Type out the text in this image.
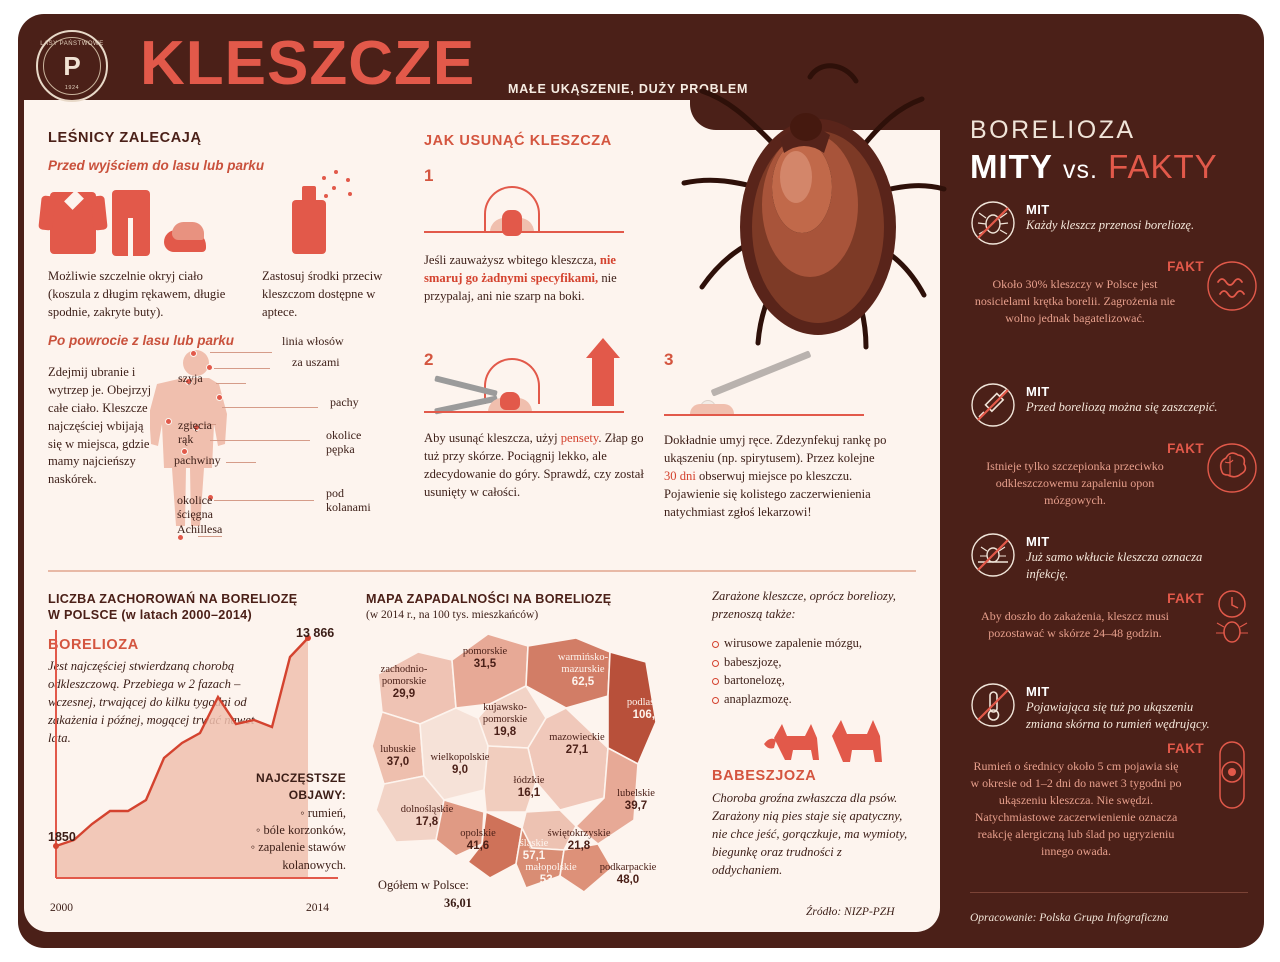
LASY PAŃSTWOWE
P
1924 KLESZCZE	MAŁE UKĄSZENIE, DUŻY PROBLEM
LEŚNICY ZALECAJĄ
Przed wyjściem do lasu lub parku
Możliwie szczelnie okryj ciało (koszula z długim rękawem, długie spodnie, zakryte buty).
Zastosuj środki przeciw kleszczom dostępne w aptece.
Po powrocie z lasu lub parku
Zdejmij ubranie i wytrzep je. Obejrzyj całe ciało. Kleszcze najczęściej wbijają się w miejsca, gdzie mamy najcieńszy naskórek.
linia włosów
za uszami
szyja
pachy
zgięcia rąk	okolice pępka
pachwiny
okolice ścięgna Achillesa
pod kolanami
JAK USUNĄĆ KLESZCZA
1
Jeśli zauważysz wbitego kleszcza, nie smaruj go żadnymi specyfikami, nie przypalaj, ani nie szarp na boki.
2
Aby usunąć kleszcza, użyj pensety. Złap go tuż przy skórze. Pociągnij lekko, ale zdecydowanie do góry. Sprawdź, czy został usunięty w całości.
3
Dokładnie umyj ręce. Zdezynfekuj rankę po ukąszeniu (np. spirytusem). Przez kolejne 30 dni obserwuj miejsce po kleszczu. Pojawienie się kolistego zaczerwienienia natychmiast zgłoś lekarzowi!
LICZBA ZACHOROWAŃ NA BORELIOZĘ
W POLSCE (w latach 2000–2014)
BORELIOZA
Jest najczęściej stwierdzaną chorobą odkleszczową. Przebiega w 2 fazach – wczesnej, trwającej do kilku tygodni od zakażenia i późnej, mogącej trwać nawet lata.
13 866
1850
2000	2014
NAJCZĘSTSZE OBJAWY:
◦ rumień,
◦ bóle korzonków,
◦ zapalenie stawów kolanowych.
MAPA ZAPADALNOŚCI NA BORELIOZĘ
(w 2014 r., na 100 tys. mieszkańców)
pomorskie
31,5
zachodnio-pomorskie
29,9
warmińsko-mazurskie
62,5
podlaskie
106,8
kujawsko-pomorskie
19,8	mazowieckie
27,1
lubuskie
37,0	wielkopolskie
9,0
łódzkie
16,1	lubelskie
39,7
dolnośląskie
17,8
opolskie
41,6	śląskie
57,1
świętokrzyskie
21,8
małopolskie
53,4
podkarpackie
48,0
Ogółem w Polsce:
36,01
Źródło: NIZP-PZH
Zarażone kleszcze, oprócz boreliozy, przenoszą także:
wirusowe zapalenie mózgu,
babeszjozę,
bartonelozę,
anaplazmozę.
BABESZJOZA
Choroba groźna zwłaszcza dla psów. Zarażony nią pies staje się apatyczny, nie chce jeść, gorączkuje, ma wymioty, biegunkę oraz trudności z oddychaniem.
BORELIOZA
MITY vs. FAKTY
MIT
Każdy kleszcz przenosi boreliozę.
FAKT
Około 30% kleszczy w Polsce jest nosicielami krętka borelii. Zagrożenia nie wolno jednak bagatelizować.
MIT
Przed boreliozą można się zaszczepić.
FAKT
Istnieje tylko szczepionka przeciwko odkleszczowemu zapaleniu opon mózgowych.
MIT
Już samo wkłucie kleszcza oznacza infekcję.
FAKT
Aby doszło do zakażenia, kleszcz musi pozostawać w skórze 24–48 godzin.
MIT
Pojawiająca się tuż po ukąszeniu zmiana skórna to rumień wędrujący.
FAKT
Rumień o średnicy około 5 cm pojawia się w okresie od 1–2 dni do nawet 3 tygodni po ukąszeniu kleszcza. Nie swędzi. Natychmiastowe zaczerwienienie oznacza reakcję alergiczną lub ślad po ugryzieniu innego owada.
Opracowanie: Polska Grupa Infograficzna
